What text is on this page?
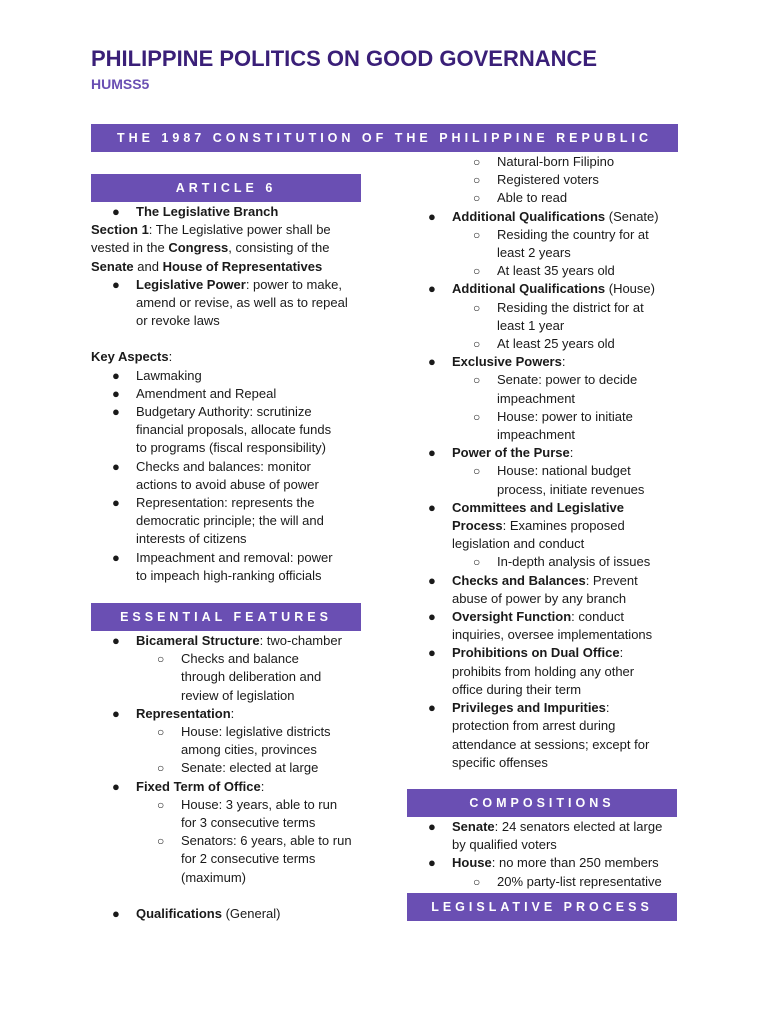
PHILIPPINE POLITICS ON GOOD GOVERNANCE
HUMSS5
THE 1987 CONSTITUTION OF THE PHILIPPINE REPUBLIC
ARTICLE 6

● The Legislative Branch

Section 1: The Legislative power shall be

vested in the Congress, consisting of the

Senate and House of Representatives

● Legislative Power: power to make,

amend or revise, as well as to repeal

or revoke laws

Key Aspects:

● Lawmaking

● Amendment and Repeal

● Budgetary Authority: scrutinize

financial proposals, allocate funds

to programs (fiscal responsibility)

● Checks and balances: monitor

actions to avoid abuse of power

● Representation: represents the

democratic principle; the will and

interests of citizens

● Impeachment and removal: power

to impeach high-ranking officials

ESSENTIAL FEATURES

● Bicameral Structure: two-chamber

○ Checks and balance

through deliberation and

review of legislation

● Representation:

○ House: legislative districts

among cities, provinces

○ Senate: elected at large

● Fixed Term of Office:

○ House: 3 years, able to run

for 3 consecutive terms

○ Senators: 6 years, able to run

for 2 consecutive terms

(maximum)

● Qualifications (General)

○ Natural-born Filipino

○ Registered voters

○ Able to read

● Additional Qualifications (Senate)

○ Residing the country for at

least 2 years

○ At least 35 years old

● Additional Qualifications (House)

○ Residing the district for at

least 1 year

○ At least 25 years old

● Exclusive Powers:

○ Senate: power to decide

impeachment

○ House: power to initiate

impeachment

● Power of the Purse:

○ House: national budget

process, initiate revenues

● Committees and Legislative

Process: Examines proposed

legislation and conduct

○ In-depth analysis of issues

● Checks and Balances: Prevent

abuse of power by any branch

● Oversight Function: conduct

inquiries, oversee implementations

● Prohibitions on Dual Office:

prohibits from holding any other

office during their term

● Privileges and Impurities:

protection from arrest during

attendance at sessions; except for

specific offenses

COMPOSITIONS

● Senate: 24 senators elected at large

by qualified voters

● House: no more than 250 members

○ 20% party-list representative

LEGISLATIVE PROCESS
